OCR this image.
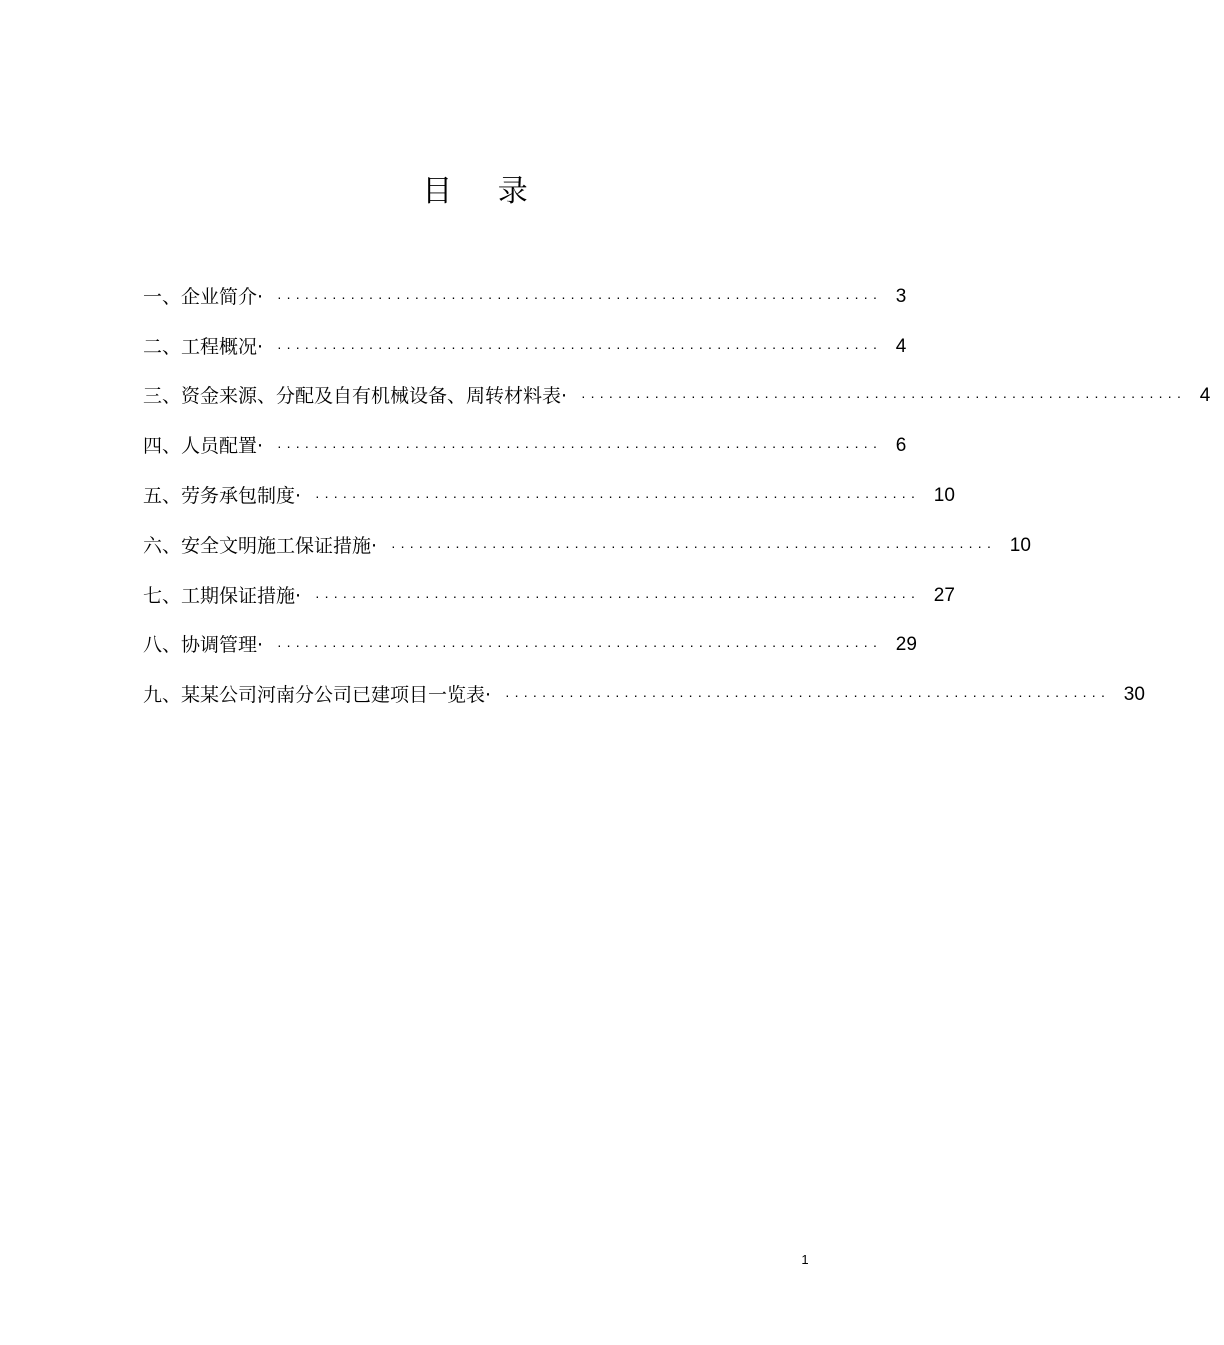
目 录
一、企业简介·	·································································· 3
二、工程概况·	·································································· 4
三、资金来源、分配及自有机械设备、周转材料表·	·································································· 4
四、人员配置·	·································································· 6
五、劳务承包制度·	·································································· 10
六、安全文明施工保证措施·	·································································· 10
七、工期保证措施·	·································································· 27
八、协调管理·	·································································· 29
九、某某公司河南分公司已建项目一览表·	·································································· 30
1
